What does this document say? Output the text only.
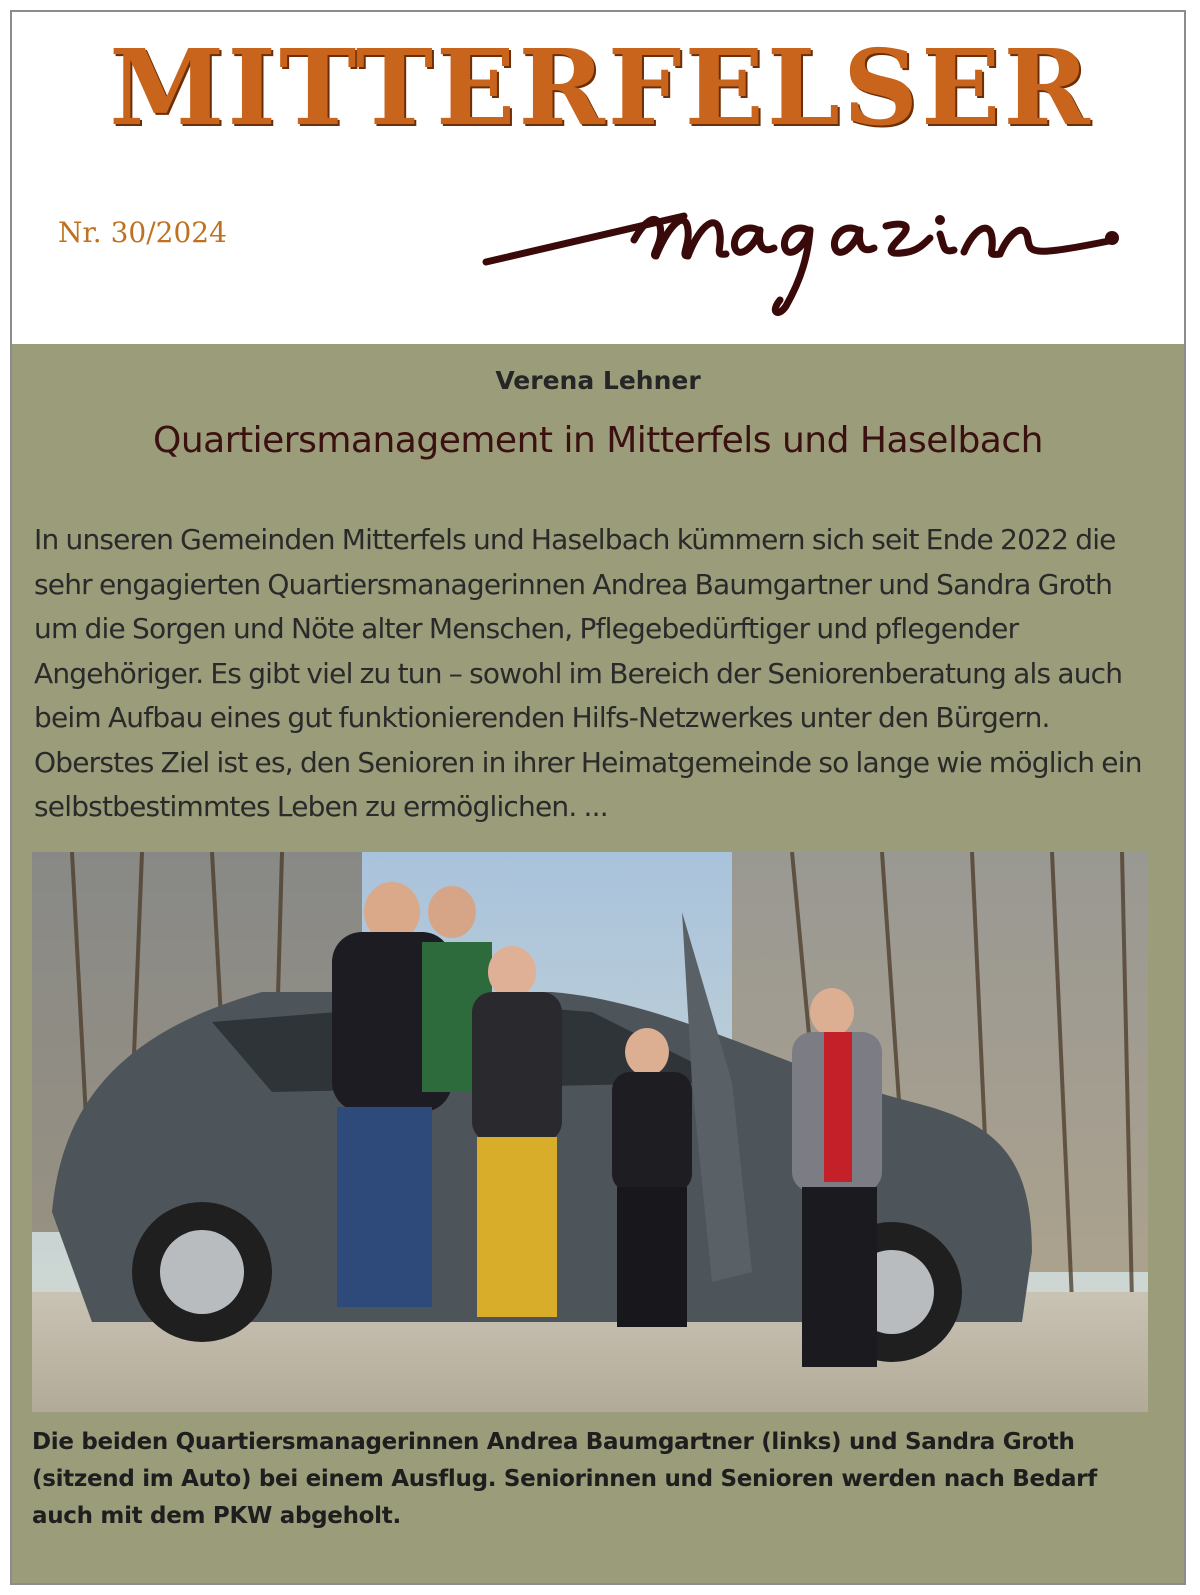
MITTERFELSER
Nr. 30/2024
Verena Lehner
Quartiersmanagement in Mitterfels und Haselbach
In unseren Gemeinden Mitterfels und Haselbach kümmern sich seit Ende 2022 die sehr engagierten Quartiersmanagerinnen Andrea Baumgartner und Sandra Groth um die Sorgen und Nöte alter Menschen, Pflegebedürftiger und pflegender Angehöriger. Es gibt viel zu tun – sowohl im Bereich der Seniorenberatung als auch beim Aufbau eines gut funktionierenden Hilfs-Netzwerkes unter den Bürgern. Oberstes Ziel ist es, den Senioren in ihrer Heimatgemeinde so lange wie möglich ein selbstbestimmtes Leben zu ermöglichen. ...
Die beiden Quartiersmanagerinnen Andrea Baumgartner (links) und Sandra Groth (sitzend im Auto) bei einem Ausflug. Seniorinnen und Senioren werden nach Bedarf auch mit dem PKW abgeholt.
